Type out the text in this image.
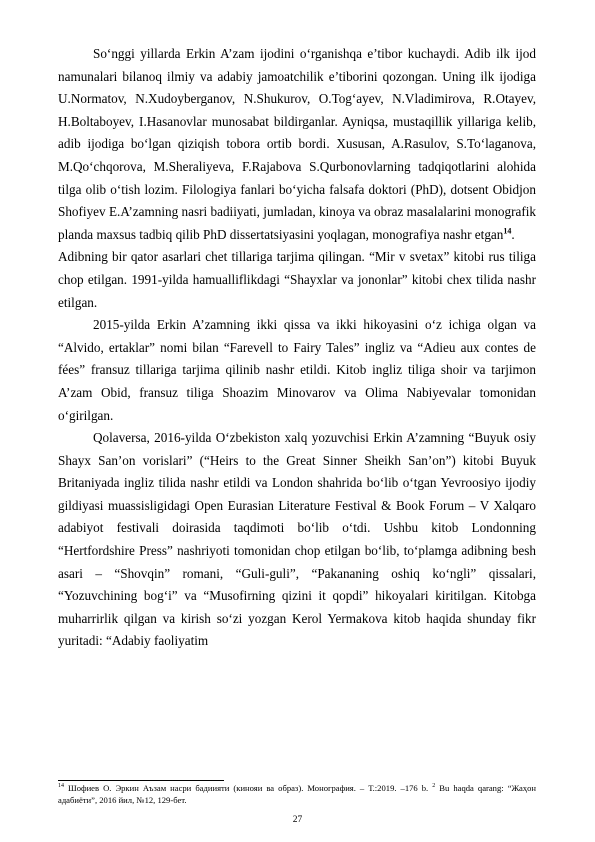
So‘nggi yillarda Erkin A’zam ijodini o‘rganishqa e’tibor kuchaydi. Adib ilk ijod namunalari bilanoq ilmiy va adabiy jamoatchilik e’tiborini qozongan. Uning ilk ijodiga U.Normatov, N.Xudoyberganov, N.Shukurov, O.Tog‘ayev, N.Vladimirova, R.Otayev, H.Boltaboyev, I.Hasanovlar munosabat bildirganlar. Ayniqsa, mustaqillik yillariga kelib, adib ijodiga bo‘lgan qiziqish tobora ortib bordi. Xususan, A.Rasulov, S.To‘laganova, M.Qo‘chqorova, M.Sheraliyeva, F.Rajabova S.Qurbonovlarning tadqiqotlarini alohida tilga olib o‘tish lozim. Filologiya fanlari bo‘yicha falsafa doktori (PhD), dotsent Obidjon Shofiyev E.A’zamning nasri badiiyati, jumladan, kinoya va obraz masalalarini monografik planda maxsus tadbiq qilib PhD dissertatsiyasini yoqlagan, monografiya nashr etgan$^{14}$.

Adibning bir qator asarlari chet tillariga tarjima qilingan. “Mir v svetax” kitobi rus tiliga chop etilgan. 1991-yilda hamualliflikdagi “Shayxlar va jononlar” kitobi chex tilida nashr etilgan.

2015-yilda Erkin A’zamning ikki qissa va ikki hikoyasini o‘z ichiga olgan va “Alvido, ertaklar” nomi bilan “Farevell to Fairy Tales” ingliz va “Adieu aux contes de fées” fransuz tillariga tarjima qilinib nashr etildi. Kitob ingliz tiliga shoir va tarjimon A’zam Obid, fransuz tiliga Shoazim Minovarov va Olima Nabiyevalar tomonidan o‘girilgan.

Qolaversa, 2016-yilda O‘zbekiston xalq yozuvchisi Erkin A’zamning “Buyuk osiy Shayx San’on vorislari” (“Heirs to the Great Sinner Sheikh San’on”) kitobi Buyuk Britaniyada ingliz tilida nashr etildi va London shahrida bo‘lib o‘tgan Yevroosiyo ijodiy gildiyasi muassisligidagi Open Eurasian Literature Festival & Book Forum – V Xalqaro adabiyot festivali doirasida taqdimoti bo‘lib o‘tdi. Ushbu kitob Londonning “Hertfordshire Press” nashriyoti tomonidan chop etilgan bo‘lib, to‘plamga adibning besh asari – “Shovqin” romani, “Guli-guli”, “Pakananing oshiq ko‘ngli” qissalari, “Yozuvchining bog‘i” va “Musofirning qizini it qopdi” hikoyalari kiritilgan. Kitobga muharrirlik qilgan va kirish so‘zi yozgan Kerol Yermakova kitob haqida shunday fikr yuritadi: “Adabiy faoliyatim

$^{14}$ Шофиев О. Эркин Аъзам насри бадиияти (кинояи ва образ). Монография. – Т.:2019. –176 b. $^2$ Bu haqda qarang: “Жаҳон адабиёти”, 2016 йил, №12, 129-бет.

27
